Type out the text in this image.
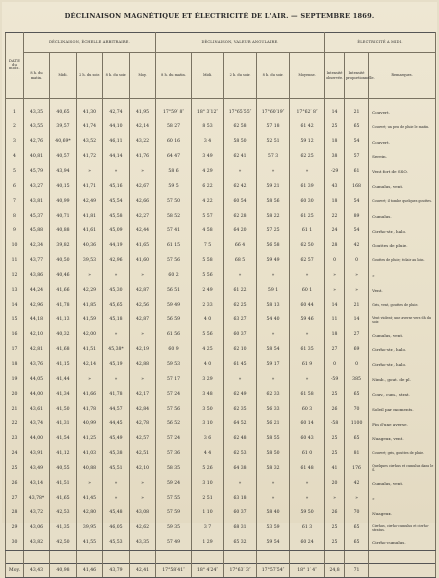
DÉCLINAISON MAGNÉTIQUE ET ÉLECTRICITÉ DE L'AIR. — SEPTEMBRE 1869.
DATE
du
mois.	DÉCLINAISON, ÉCHELLE ARBITRAIRE.					DÉCLINAISON, VALEUR ANGULAIRE.					ÉLECTRICITÉ A MIDI.		
	8 h. du matin.	Midi.	2 h. du soir.	8 h. du soir.	Moy.	8 h. du matin.	Midi.	2 h. du soir.	8 h. du soir.	Moyenne.	Intensité observée.	Intensité proportionnelle.	Remarques.

1	43,35	40,65	41,30	42,74	41,95	17°59′ 8″	18° 3′12″	17°65′55″	17°60′19″	17°62′ 8″	14	21	Couvert.
2	43,55	39,57	41,74	44,10	42,14	58 27	8 53	62 58	57 18	61 42	25	65	Couvert; un peu de pluie le matin.
3	42,76	40,69*	43,52	46,11	43,22	60 16	3 4	58 50	52 51	59 12	18	54	Couvert.
4	40,81	40,57	41,72	44,14	41,76	64 47	3 49	62 41	57 3	62 25	38	57	Serein.
5	45,79	43,94	»	»	»	58 6	4 29	»	»	»	-29	61	Vent fort de SSO.
6	43,27	40,15	41,71	45,16	42,67	59 5	6 22	62 42	59 21	61 39	43	168	Cumulus, vent.
7	43,81	40,99	42,49	45,54	42,66	57 50	4 22	60 54	58 56	60 30	18	54	Couvert; il tombe quelques gouttes.
8	45,37	40,71	41,81	45,58	42,27	58 52	5 57	62 28	58 22	61 25	22	89	Cumulus.
9	45,88	40,88	41,61	45,09	42,44	57 41	4 58	64 20	57 25	61 1	24	54	Cirrho-str., halo.
10	42,34	39,82	40,36	44,19	41,65	61 15	7 5	66 4	56 58	62 50	28	42	Gouttes de pluie.
11	43,77	40,50	39,53	42,96	41,60	57 56	5 58	68 5	59 49	62 57	0	0	Gouttes de pluie; éclair au loin.
12	43,86	40,46	»	»	»	60 2	5 56	»	»	»	»	»	»
13	44,24	41,66	42,29	45,30	42,87	56 51	2 49	61 22	59 1	60 1	»	»	Vent.
14	42,96	41,78	41,85	45,65	42,56	59 49	2 33	62 25	58 13	60 44	14	21	Gris, vent, gouttes de pluie.
15	44,18	41,13	41,59	45,18	42,87	56 59	4 0	63 27	54 40	59 46	11	14	Vent violent; une averse vers 6h du soir.
16	42,10	40,32	42,00	»	»	61 56	5 56	60 37	»	»	18	27	Cumulus, vent.
17	42,81	41,68	41,51	45,38*	42,19	60 9	4 25	62 10	58 54	61 35	27	69	Cirrho-str., halo.
18	43,76	41,15	42,14	45,19	42,88	59 53	4 0	61 45	59 17	61 9	0	0	Cirrho-str., halo.
19	44,05	41,44	»	»	»	57 17	3 29	»	»	»	-59	385	Nimb., gout. de pl.
20	44,00	41,34	41,66	41,78	42,17	57 24	3 48	62 49	62 33	61 58	25	65	Couv., cum., strat.
21	43,61	41,50	41,78	44,57	42,84	57 56	3 50	62 35	56 33	60 3	26	70	Soleil par moments.
22	43,74	41,31	40,99	44,45	42,78	56 52	3 10	64 52	56 21	60 14	-58	1100	Fin d'une averse.
23	44,00	41,54	41,25	45,49	42,57	57 24	3 6	62 48	58 55	60 43	25	65	Nuageux, vent.
24	43,91	41,12	41,03	45,38	42,51	57 36	4 4	62 53	58 50	61 0	25	81	Couvert; gris, gouttes de pluie.
25	43,49	40,55	40,88	45,51	42,10	58 35	5 26	64 38	58 32	61 48	41	176	Quelques cirrhus et cumulus dans le S.
26	43,14	41,51	»	»	»	59 24	3 10	»	»	»	20	42	Cumulus, vent.
27	43,78*	41,65	41,45	»	»	57 55	2 51	63 18	»	»	»	»	»
28	43,72	42,53	42,80	45,48	43,08	57 59	1 10	60 37	58 40	59 50	26	70	Nuageux.
29	43,06	41,35	39,95	46,05	42,62	59 35	3 7	68 31	53 59	61 3	25	65	Cirrhus, cirrho-cumulus et cirrho-stratus.
30	43,82	42,50	41,55	45,53	43,35	57 49	1 29	65 32	59 54	60 24	25	65	Cirrho-cumulus.

Moy.	43,43	40,98	41,46	43,79	42,41	17°58′41″	18° 4′24″	17°63′ 3″	17°57′54″	18° 1′ 4″	24,8	71	
